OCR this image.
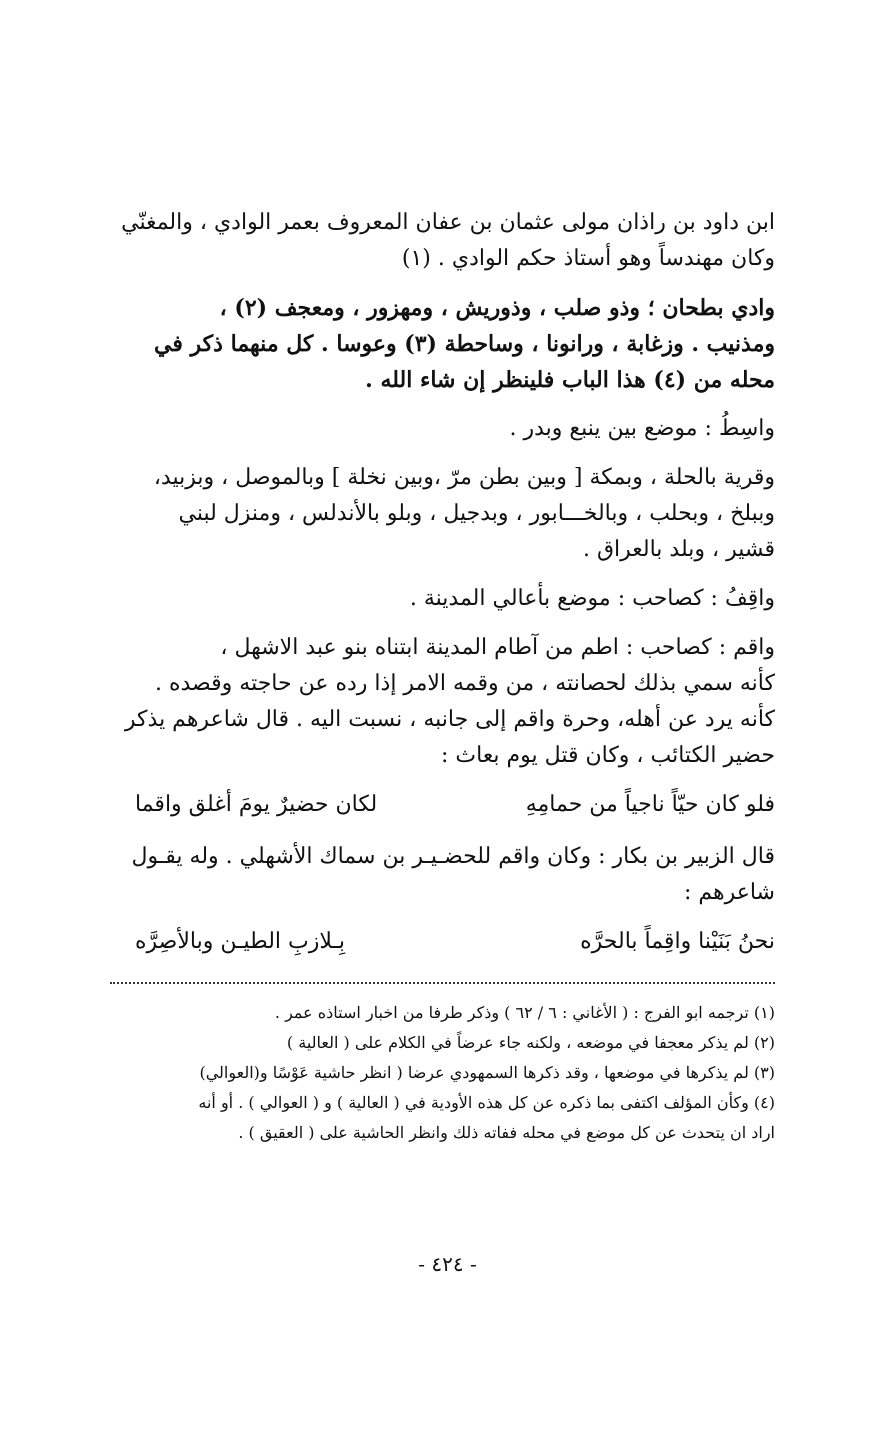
ابن داود بن راذان مولى عثمان بن عفان المعروف بعمر الوادي ، والمغنّي
وكان مهندساً وهو أستاذ حكم الوادي . (١)

وادي بطحان ؛ وذو صلب ، وذوريش ، ومهزور ، ومعجف (٢) ،
ومذنيب . وزغابة ، ورانونا ، وساحطة (٣) وعوسا . كل منهما ذكر في
محله من (٤) هذا الباب فلينظر إن شاء الله .

واسِطُ : موضع بين ينبع وبدر .

وقرية بالحلة ، وبمكة [ وبين بطن مرّ ،وبين نخلة ] وبالموصل ، وبزبيد،
وببلخ ، وبحلب ، وبالخـــابور ، وبدجيل ، وبلو بالأندلس ، ومنزل لبني
قشير ، وبلد بالعراق .

واقِفُ : كصاحب : موضع بأعالي المدينة .

واقم : كصاحب : اطم من آطام المدينة ابتناه بنو عبد الاشهل ،
كأنه سمي بذلك لحصانته ، من وقمه الامر إذا رده عن حاجته وقصده .
كأنه يرد عن أهله، وحرة واقم إلى جانبه ، نسبت اليه . قال شاعرهم يذكر
حضير الكتائب ، وكان قتل يوم بعاث :

فلو كان حيّاً ناجياً من حمامِهِ
لكان حضيرٌ يومَ أغلق واقما

قال الزبير بن بكار : وكان واقم للحضـيـر بن سماك الأشهلي . وله يقـول
شاعرهم :

نحنُ بَنَيْنا واقِماً بالحرَّه
بِـلازبِ الطيـن وبالأصِرَّه
(١) ترجمه ابو الفرج : ( الأغاني : ٦ / ٦٢ ) وذكر طرفا من اخبار استاذه عمر .
(٢) لم يذكر معجفا في موضعه ، ولكنه جاء عرضاً في الكلام على ( العالية )
(٣) لم يذكرها في موضعها ، وقد ذكرها السمهودي عرضا ( انظر حاشية عَوْسًا و(العوالي)
(٤) وكأن المؤلف اكتفى بما ذكره عن كل هذه الأودية في ( العالية ) و ( العوالي ) . أو أنه
اراد ان يتحدث عن كل موضع في محله ففاته ذلك وانظر الحاشية على ( العقيق ) .
- ٤٢٤ -
